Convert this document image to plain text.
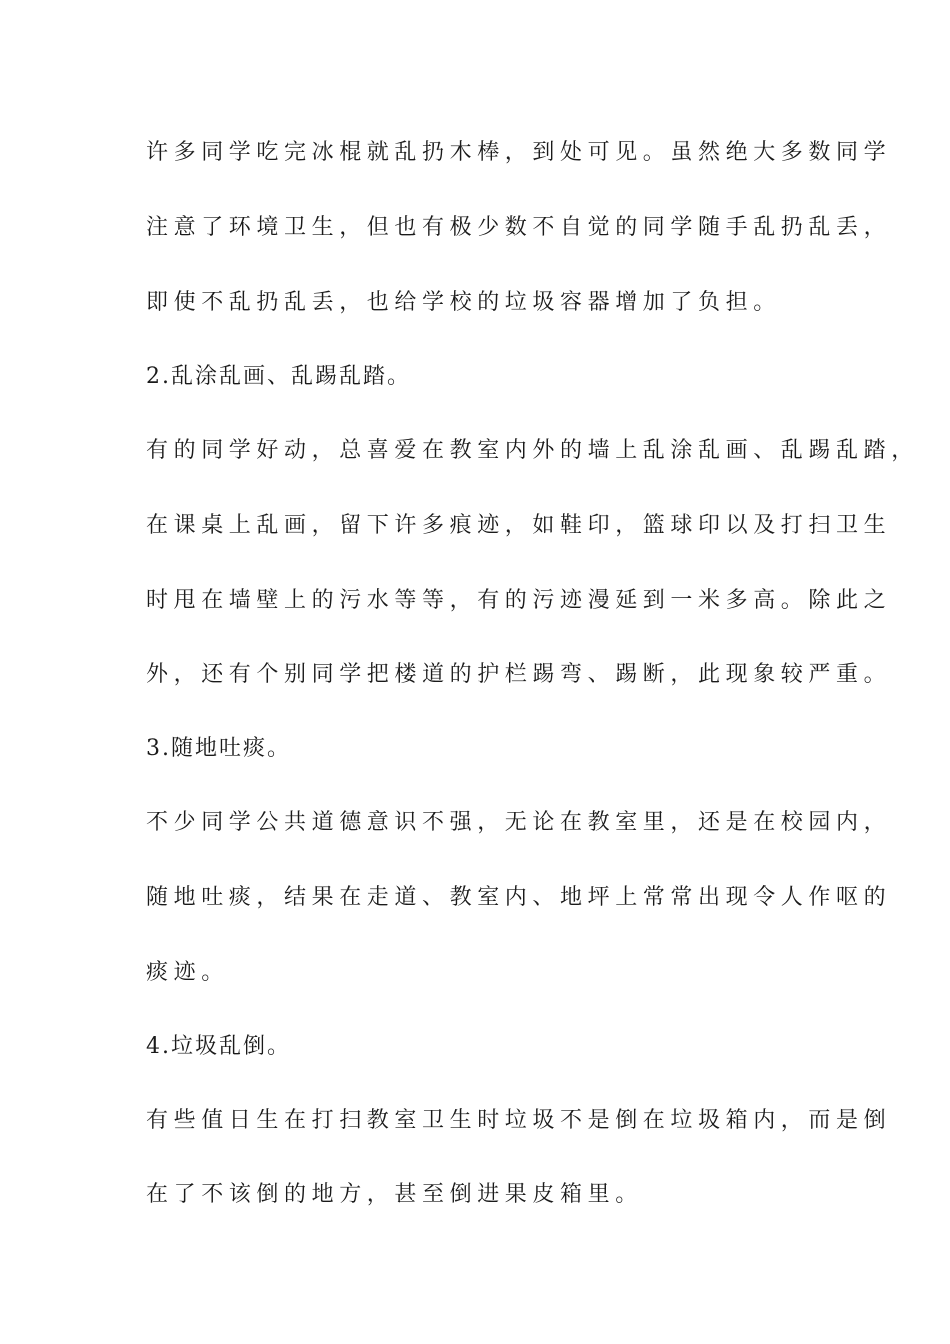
许多同学吃完冰棍就乱扔木棒，到处可见。虽然绝大多数同学

注意了环境卫生，但也有极少数不自觉的同学随手乱扔乱丢，

即使不乱扔乱丢，也给学校的垃圾容器增加了负担。

2.乱涂乱画、乱踢乱踏。

有的同学好动，总喜爱在教室内外的墙上乱涂乱画、乱踢乱踏，

在课桌上乱画，留下许多痕迹，如鞋印，篮球印以及打扫卫生

时甩在墙壁上的污水等等，有的污迹漫延到一米多高。除此之

外，还有个别同学把楼道的护栏踢弯、踢断，此现象较严重。

3.随地吐痰。

不少同学公共道德意识不强，无论在教室里，还是在校园内，

随地吐痰，结果在走道、教室内、地坪上常常出现令人作呕的

痰迹。

4.垃圾乱倒。

有些值日生在打扫教室卫生时垃圾不是倒在垃圾箱内，而是倒

在了不该倒的地方，甚至倒进果皮箱里。
